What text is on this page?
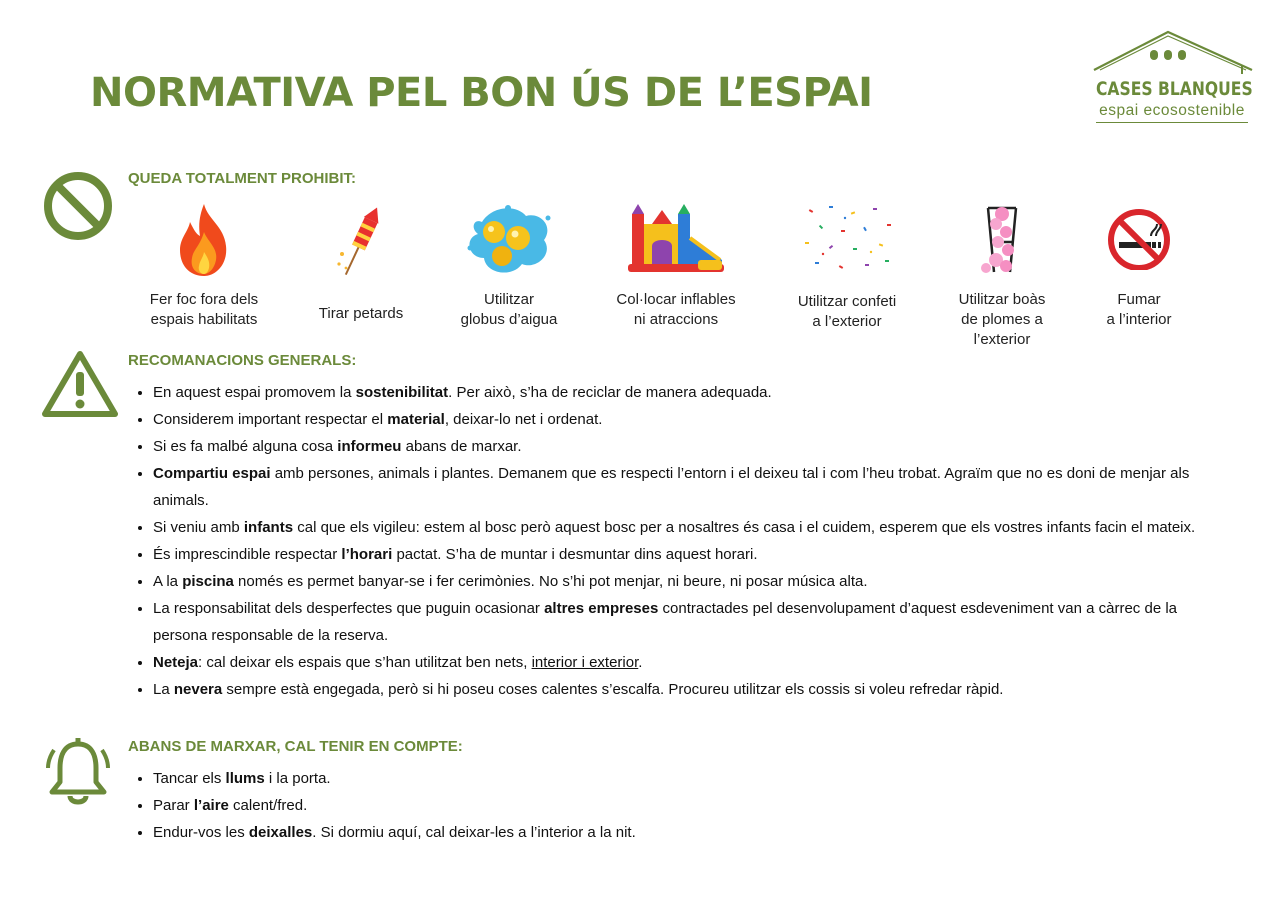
NORMATIVA PEL BON ÚS DE L’ESPAI	CASES BLANQUES
espai ecosostenible
QUEDA TOTALMENT PROHIBIT:
Fer foc fora dels
espais habilitats	Tirar petards
Utilitzar
globus d’aigua
Col·locar inflables
ni atraccions
Utilitzar confeti
a l’exterior
Utilitzar boàs
de plomes a
l’exterior
Fumar
a l’interior
RECOMANACIONS GENERALS:
• En aquest espai promovem la sostenibilitat. Per això, s’ha de reciclar de manera adequada.
• Considerem important respectar el material, deixar-lo net i ordenat.
• Si es fa malbé alguna cosa informeu abans de marxar.
• Compartiu espai amb persones, animals i plantes. Demanem que es respecti l’entorn i el deixeu tal i com l’heu trobat. Agraïm que no es doni de menjar als animals.
• Si veniu amb infants cal que els vigileu: estem al bosc però aquest bosc per a nosaltres és casa i el cuidem, esperem que els vostres infants facin el mateix.
• És imprescindible respectar l’horari pactat. S’ha de muntar i desmuntar dins aquest horari.
• A la piscina només es permet banyar-se i fer cerimònies. No s’hi pot menjar, ni beure, ni posar música alta.
• La responsabilitat dels desperfectes que puguin ocasionar altres empreses contractades pel desenvolupament d’aquest esdeveniment van a càrrec de la persona responsable de la reserva.
• Neteja: cal deixar els espais que s’han utilitzat ben nets, interior i exterior.
• La nevera sempre està engegada, però si hi poseu coses calentes s’escalfa. Procureu utilitzar els cossis si voleu refredar ràpid.
ABANS DE MARXAR, CAL TENIR EN COMPTE:
• Tancar els llums i la porta.
• Parar l’aire calent/fred.
• Endur-vos les deixalles. Si dormiu aquí, cal deixar-les a l’interior a la nit.
